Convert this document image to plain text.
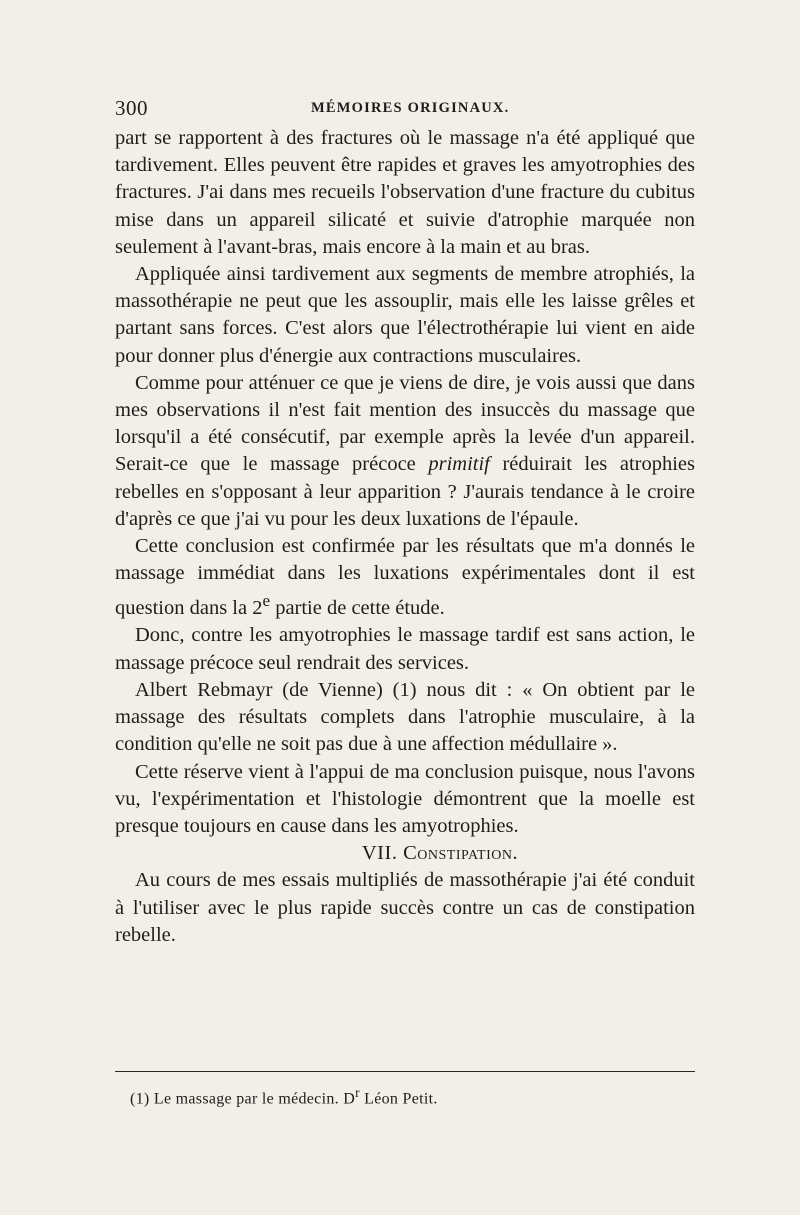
300	MÉMOIRES ORIGINAUX.

part se rapportent à des fractures où le massage n'a été appliqué que tardivement. Elles peuvent être rapides et graves les amyotrophies des fractures. J'ai dans mes recueils l'observation d'une fracture du cubitus mise dans un appareil silicaté et suivie d'atrophie marquée non seulement à l'avant-bras, mais encore à la main et au bras.

Appliquée ainsi tardivement aux segments de membre atrophiés, la massothérapie ne peut que les assouplir, mais elle les laisse grêles et partant sans forces. C'est alors que l'électrothérapie lui vient en aide pour donner plus d'énergie aux contractions musculaires.

Comme pour atténuer ce que je viens de dire, je vois aussi que dans mes observations il n'est fait mention des insuccès du massage que lorsqu'il a été consécutif, par exemple après la levée d'un appareil. Serait-ce que le massage précoce primitif réduirait les atrophies rebelles en s'opposant à leur apparition ? J'aurais tendance à le croire d'après ce que j'ai vu pour les deux luxations de l'épaule.

Cette conclusion est confirmée par les résultats que m'a donnés le massage immédiat dans les luxations expérimentales dont il est question dans la 2e partie de cette étude.

Donc, contre les amyotrophies le massage tardif est sans action, le massage précoce seul rendrait des services.

Albert Rebmayr (de Vienne) (1) nous dit : « On obtient par le massage des résultats complets dans l'atrophie musculaire, à la condition qu'elle ne soit pas due à une affection médullaire ».

Cette réserve vient à l'appui de ma conclusion puisque, nous l'avons vu, l'expérimentation et l'histologie démontrent que la moelle est presque toujours en cause dans les amyotrophies.

VII. Constipation.

Au cours de mes essais multipliés de massothérapie j'ai été conduit à l'utiliser avec le plus rapide succès contre un cas de constipation rebelle.

(1) Le massage par le médecin. $D^r$ Léon Petit.
